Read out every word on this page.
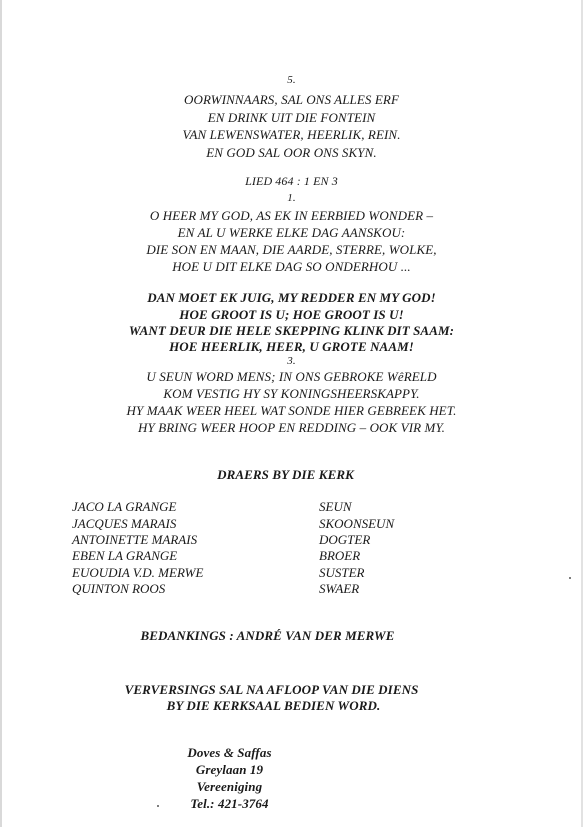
5.
OORWINNAARS, SAL ONS ALLES ERF
EN DRINK UIT DIE FONTEIN
VAN LEWENSWATER, HEERLIK, REIN.
EN GOD SAL OOR ONS SKYN.
LIED 464 : 1 EN 3
1.
O HEER MY GOD, AS EK IN EERBIED WONDER –
EN AL U WERKE ELKE DAG AANSKOU:
DIE SON EN MAAN, DIE AARDE, STERRE, WOLKE,
HOE U DIT ELKE DAG SO ONDERHOU ...
DAN MOET EK JUIG, MY REDDER EN MY GOD!
HOE GROOT IS U; HOE GROOT IS U!
WANT DEUR DIE HELE SKEPPING KLINK DIT SAAM:
HOE HEERLIK, HEER, U GROTE NAAM!
3.
U SEUN WORD MENS; IN ONS GEBROKE WêRELD
KOM VESTIG HY SY KONINGSHEERSKAPPY.
HY MAAK WEER HEEL WAT SONDE HIER GEBREEK HET.
HY BRING WEER HOOP EN REDDING – OOK VIR MY.
DRAERS BY DIE KERK
JACO LA GRANGE	SEUN
JACQUES MARAIS	SKOONSEUN
ANTOINETTE MARAIS	DOGTER
EBEN LA GRANGE	BROER
EUOUDIA V.D. MERWE	SUSTER
QUINTON ROOS	SWAER
BEDANKINGS : ANDRÉ VAN DER MERWE
VERVERSINGS SAL NA AFLOOP VAN DIE DIENS
BY DIE KERKSAAL BEDIEN WORD.
Doves & Saffas
Greylaan 19
Vereeniging
Tel.: 421-3764
